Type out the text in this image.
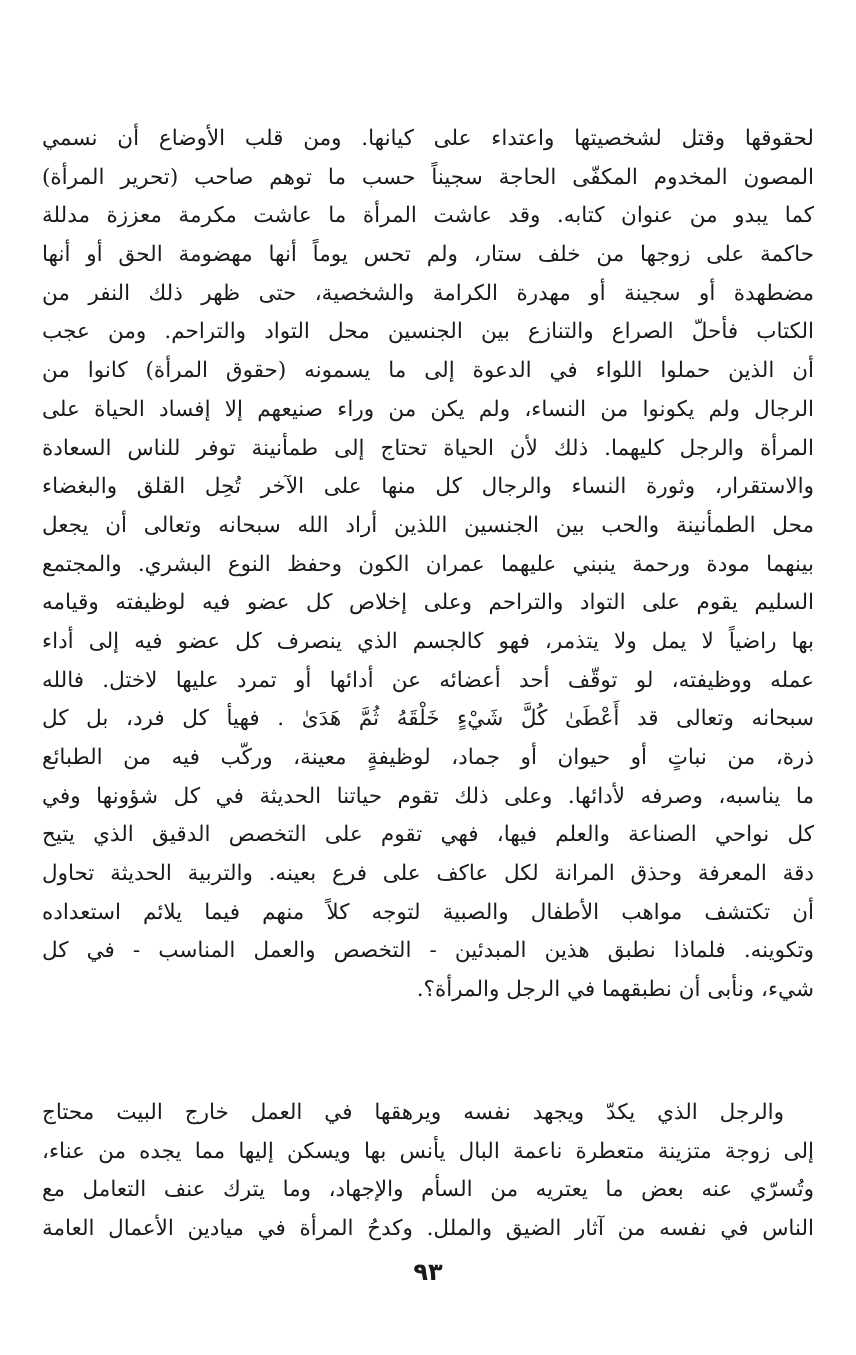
لحقوقها وقتل لشخصيتها واعتداء على كيانها. ومن قلب الأوضاع أن نسمي
المصون المخدوم المكفّى الحاجة سجيناً حسب ما توهم صاحب (تحرير المرأة)
كما يبدو من عنوان كتابه. وقد عاشت المرأة ما عاشت مكرمة معززة مدللة
حاكمة على زوجها من خلف ستار، ولم تحس يوماً أنها مهضومة الحق أو أنها
مضطهدة أو سجينة أو مهدرة الكرامة والشخصية، حتى ظهر ذلك النفر من
الكتاب فأحلّ الصراع والتنازع بين الجنسين محل التواد والتراحم. ومن عجب
أن الذين حملوا اللواء في الدعوة إلى ما يسمونه (حقوق المرأة) كانوا من
الرجال ولم يكونوا من النساء، ولم يكن من وراء صنيعهم إلا إفساد الحياة على
المرأة والرجل كليهما. ذلك لأن الحياة تحتاج إلى طمأنينة توفر للناس السعادة
والاستقرار، وثورة النساء والرجال كل منها على الآخر تُحِل القلق والبغضاء
محل الطمأنينة والحب بين الجنسين اللذين أراد الله سبحانه وتعالى أن يجعل
بينهما مودة ورحمة ينبني عليهما عمران الكون وحفظ النوع البشري. والمجتمع
السليم يقوم على التواد والتراحم وعلى إخلاص كل عضو فيه لوظيفته وقيامه
بها راضياً لا يمل ولا يتذمر، فهو كالجسم الذي ينصرف كل عضو فيه إلى أداء
عمله ووظيفته، لو توقّف أحد أعضائه عن أدائها أو تمرد عليها لاختل. فالله
سبحانه وتعالى قد أَعْطَىٰ كُلَّ شَيْءٍ خَلْقَهُ ثُمَّ هَدَىٰ . فهيأ كل فرد، بل كل
ذرة، من نباتٍ أو حيوان أو جماد، لوظيفةٍ معينة، وركّب فيه من الطبائع
ما يناسبه، وصرفه لأدائها. وعلى ذلك تقوم حياتنا الحديثة في كل شؤونها وفي
كل نواحي الصناعة والعلم فيها، فهي تقوم على التخصص الدقيق الذي يتيح
دقة المعرفة وحذق المرانة لكل عاكف على فرع بعينه. والتربية الحديثة تحاول
أن تكتشف مواهب الأطفال والصبية لتوجه كلاً منهم فيما يلائم استعداده
وتكوينه. فلماذا نطبق هذين المبدئين - التخصص والعمل المناسب - في كل
شيء، ونأبى أن نطبقهما في الرجل والمرأة؟.
والرجل الذي يكدّ ويجهد نفسه ويرهقها في العمل خارج البيت محتاج
إلى زوجة متزينة متعطرة ناعمة البال يأنس بها ويسكن إليها مما يجده من عناء،
وتُسرّي عنه بعض ما يعتريه من السأم والإجهاد، وما يترك عنف التعامل مع
الناس في نفسه من آثار الضيق والملل. وكدحُ المرأة في ميادين الأعمال العامة
٩٣
